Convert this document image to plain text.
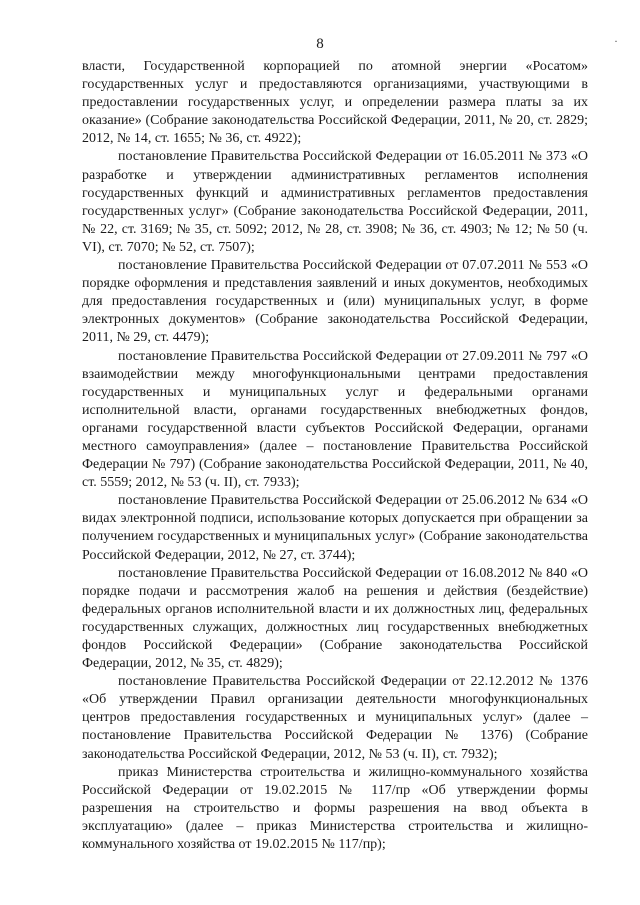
8	·

власти, Государственной корпорацией по атомной энергии «Росатом» государственных услуг и предоставляются организациями, участвующими в предоставлении государственных услуг, и определении размера платы за их оказание» (Собрание законодательства Российской Федерации, 2011, № 20, ст. 2829; 2012, № 14, ст. 1655; № 36, ст. 4922);

постановление Правительства Российской Федерации от 16.05.2011 № 373 «О разработке и утверждении административных регламентов исполнения государственных функций и административных регламентов предоставления государственных услуг» (Собрание законодательства Российской Федерации, 2011, № 22, ст. 3169; № 35, ст. 5092; 2012, № 28, ст. 3908; № 36, ст. 4903; № 12; № 50 (ч. VI), ст. 7070; № 52, ст. 7507);

постановление Правительства Российской Федерации от 07.07.2011 № 553 «О порядке оформления и представления заявлений и иных документов, необходимых для предоставления государственных и (или) муниципальных услуг, в форме электронных документов» (Собрание законодательства Российской Федерации, 2011, № 29, ст. 4479);

постановление Правительства Российской Федерации от 27.09.2011 № 797 «О взаимодействии между многофункциональными центрами предоставления государственных и муниципальных услуг и федеральными органами исполнительной власти, органами государственных внебюджетных фондов, органами государственной власти субъектов Российской Федерации, органами местного самоуправления» (далее – постановление Правительства Российской Федерации № 797) (Собрание законодательства Российской Федерации, 2011, № 40, ст. 5559; 2012, № 53 (ч. II), ст. 7933);

постановление Правительства Российской Федерации от 25.06.2012 № 634 «О видах электронной подписи, использование которых допускается при обращении за получением государственных и муниципальных услуг» (Собрание законодательства Российской Федерации, 2012, № 27, ст. 3744);

постановление Правительства Российской Федерации от 16.08.2012 № 840 «О порядке подачи и рассмотрения жалоб на решения и действия (бездействие) федеральных органов исполнительной власти и их должностных лиц, федеральных государственных служащих, должностных лиц государственных внебюджетных фондов Российской Федерации» (Собрание законодательства Российской Федерации, 2012, № 35, ст. 4829);

постановление Правительства Российской Федерации от 22.12.2012 № 1376 «Об утверждении Правил организации деятельности многофункциональных центров предоставления государственных и муниципальных услуг» (далее – постановление Правительства Российской Федерации № 1376) (Собрание законодательства Российской Федерации, 2012, № 53 (ч. II), ст. 7932);

приказ Министерства строительства и жилищно-коммунального хозяйства Российской Федерации от 19.02.2015 № 117/пр «Об утверждении формы разрешения на строительство и формы разрешения на ввод объекта в эксплуатацию» (далее – приказ Министерства строительства и жилищно-коммунального хозяйства от 19.02.2015 № 117/пр);
